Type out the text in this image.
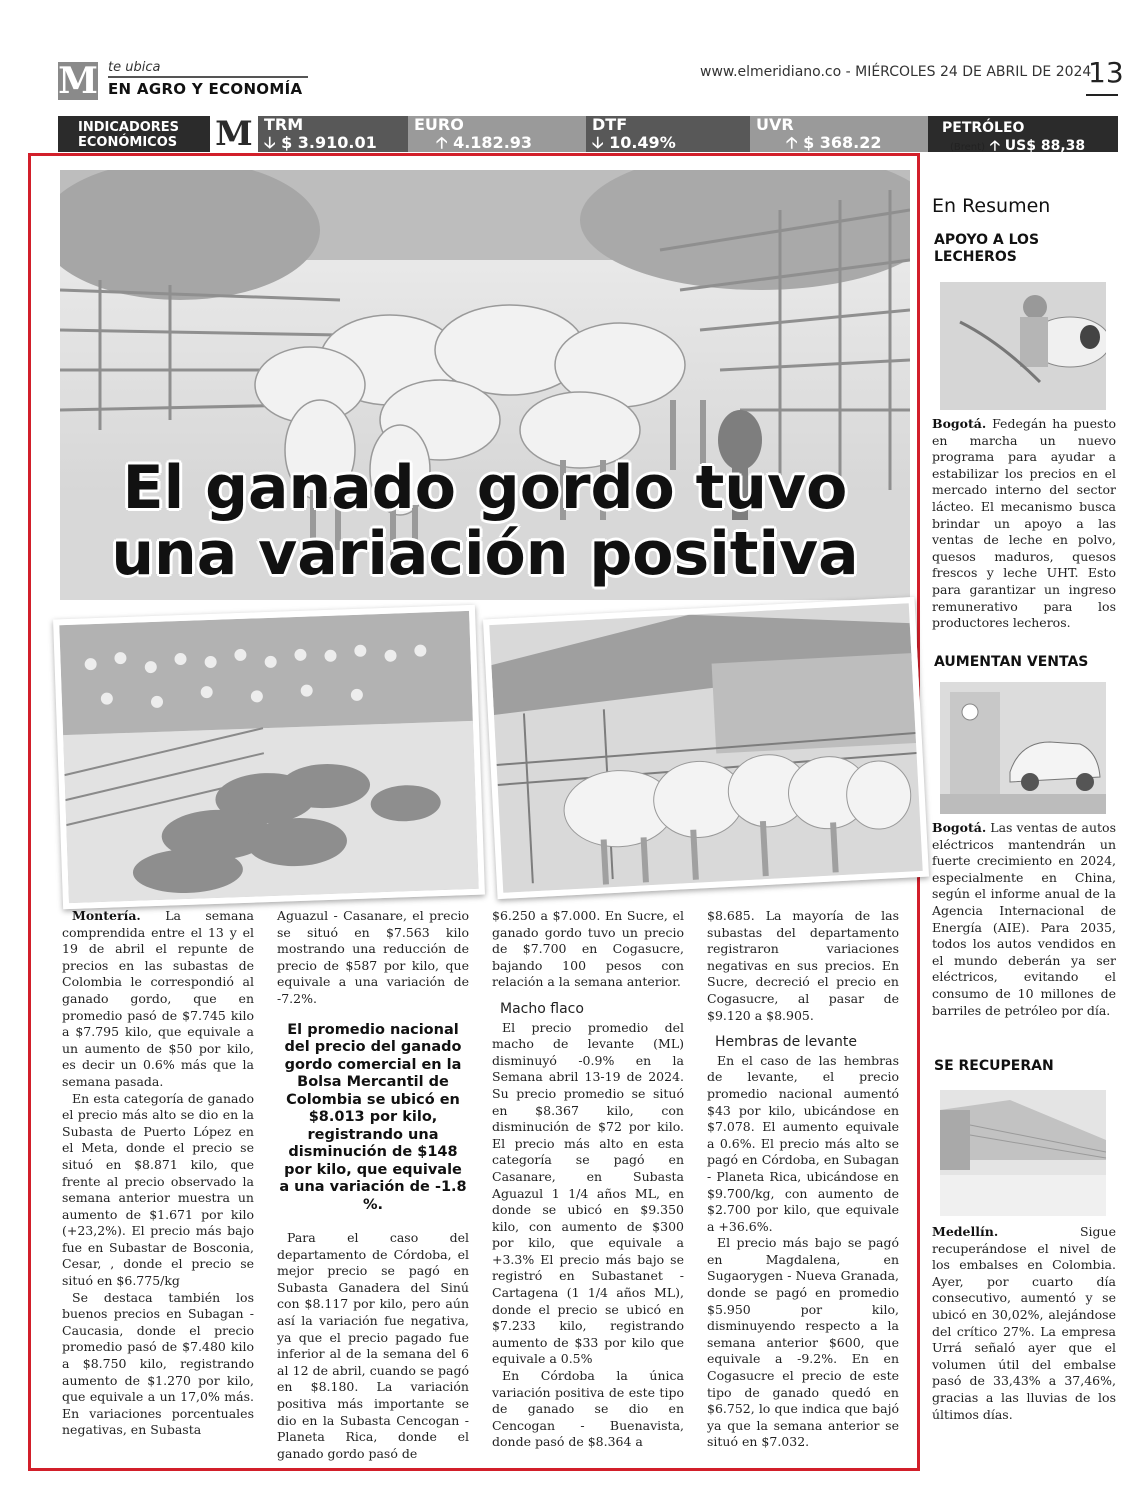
M te ubica
EN AGRO Y ECONOMÍA
www.elmeridiano.co - MIÉRCOLES 24 DE ABRIL DE 2024
13
INDICADORES
ECONÓMICOS	M TRM
🡣 $ 3.910.01
EURO
🡡 4.182.93
DTF
🡣 10.49%
UVR
🡡 $ 368.22
PETRÓLEO
(Brent) 🡡 US$ 88,38
El ganado gordo tuvo
una variación positiva

Montería. La semana comprendida entre el 13 y el 19 de abril el repunte de precios en las subastas de Colombia le correspondió al ganado gordo, que en promedio pasó de $7.745 kilo a $7.795 kilo, que equivale a un aumento de $50 por kilo, es decir un 0.6% más que la semana pasada.

En esta categoría de ganado el precio más alto se dio en la Subasta de Puerto López en el Meta, donde el precio se situó en $8.871 kilo, que frente al precio observado la semana anterior muestra un aumento de $1.671 por kilo (+23,2%). El precio más bajo fue en Subastar de Bosconia, Cesar, , donde el precio se situó en $6.775/kg

Se destaca también los buenos precios en Subagan - Caucasia, donde el precio promedio pasó de $7.480 kilo a $8.750 kilo, registrando aumento de $1.270 por kilo, que equivale a un 17,0% más. En variaciones porcentuales negativas, en Subasta

Aguazul - Casanare, el precio se situó en $7.563 kilo mostrando una reducción de precio de $587 por kilo, que equivale a una variación de -7.2%.

El promedio nacional del precio del ganado gordo comercial en la Bolsa Mercantil de Colombia se ubicó en $8.013 por kilo, registrando una disminución de $148 por kilo, que equivale a una variación de -1.8 %.

Para el caso del departamento de Córdoba, el mejor precio se pagó en Subasta Ganadera del Sinú con $8.117 por kilo, pero aún así la variación fue negativa, ya que el precio pagado fue inferior al de la semana del 6 al 12 de abril, cuando se pagó en $8.180. La variación positiva más importante se dio en la Subasta Cencogan - Planeta Rica, donde el ganado gordo pasó de

$6.250 a $7.000. En Sucre, el ganado gordo tuvo un precio de $7.700 en Cogasucre, bajando 100 pesos con relación a la semana anterior.

Macho flaco

El precio promedio del macho de levante (ML) disminuyó -0.9% en la Semana abril 13-19 de 2024. Su precio promedio se situó en $8.367 kilo, con disminución de $72 por kilo. El precio más alto en esta categoría se pagó en Casanare, en Subasta Aguazul 1 1/4 años ML, en donde se ubicó en $9.350 kilo, con aumento de $300 por kilo, que equivale a +3.3% El precio más bajo se registró en Subastanet - Cartagena (1 1/4 años ML), donde el precio se ubicó en $7.233 kilo, registrando aumento de $33 por kilo que equivale a 0.5%

En Córdoba la única variación positiva de este tipo de ganado se dio en Cencogan - Buenavista, donde pasó de $8.364 a

$8.685. La mayoría de las subastas del departamento registraron variaciones negativas en sus precios. En Sucre, decreció el precio en Cogasucre, al pasar de $9.120 a $8.905.

Hembras de levante

En el caso de las hembras de levante, el precio promedio nacional aumentó $43 por kilo, ubicándose en $7.078. El aumento equivale a 0.6%. El precio más alto se pagó en Córdoba, en Subagan - Planeta Rica, ubicándose en $9.700/kg, con aumento de $2.700 por kilo, que equivale a +36.6%.

El precio más bajo se pagó en Magdalena, en Sugaorygen - Nueva Granada, donde se pagó en promedio $5.950 por kilo, disminuyendo respecto a la semana anterior $600, que equivale a -9.2%. En en Cogasucre el precio de este tipo de ganado quedó en $6.752, lo que indica que bajó ya que la semana anterior se situó en $7.032.

En Resumen
APOYO A LOS LECHEROS
Bogotá. Fedegán ha puesto en marcha un nuevo programa para ayudar a estabilizar los precios en el mercado interno del sector lácteo. El mecanismo busca brindar un apoyo a las ventas de leche en polvo, quesos maduros, quesos frescos y leche UHT. Esto para garantizar un ingreso remunerativo para los productores lecheros.
AUMENTAN VENTAS
Bogotá. Las ventas de autos eléctricos mantendrán un fuerte crecimiento en 2024, especialmente en China, según el informe anual de la Agencia Internacional de Energía (AIE). Para 2035, todos los autos vendidos en el mundo deberán ya ser eléctricos, evitando el consumo de 10 millones de barriles de petróleo por día.
SE RECUPERAN
Medellín. Sigue recuperándose el nivel de los embalses en Colombia. Ayer, por cuarto día consecutivo, aumentó y se ubicó en 30,02%, alejándose del crítico 27%. La empresa Urrá señaló ayer que el volumen útil del embalse pasó de 33,43% a 37,46%, gracias a las lluvias de los últimos días.
